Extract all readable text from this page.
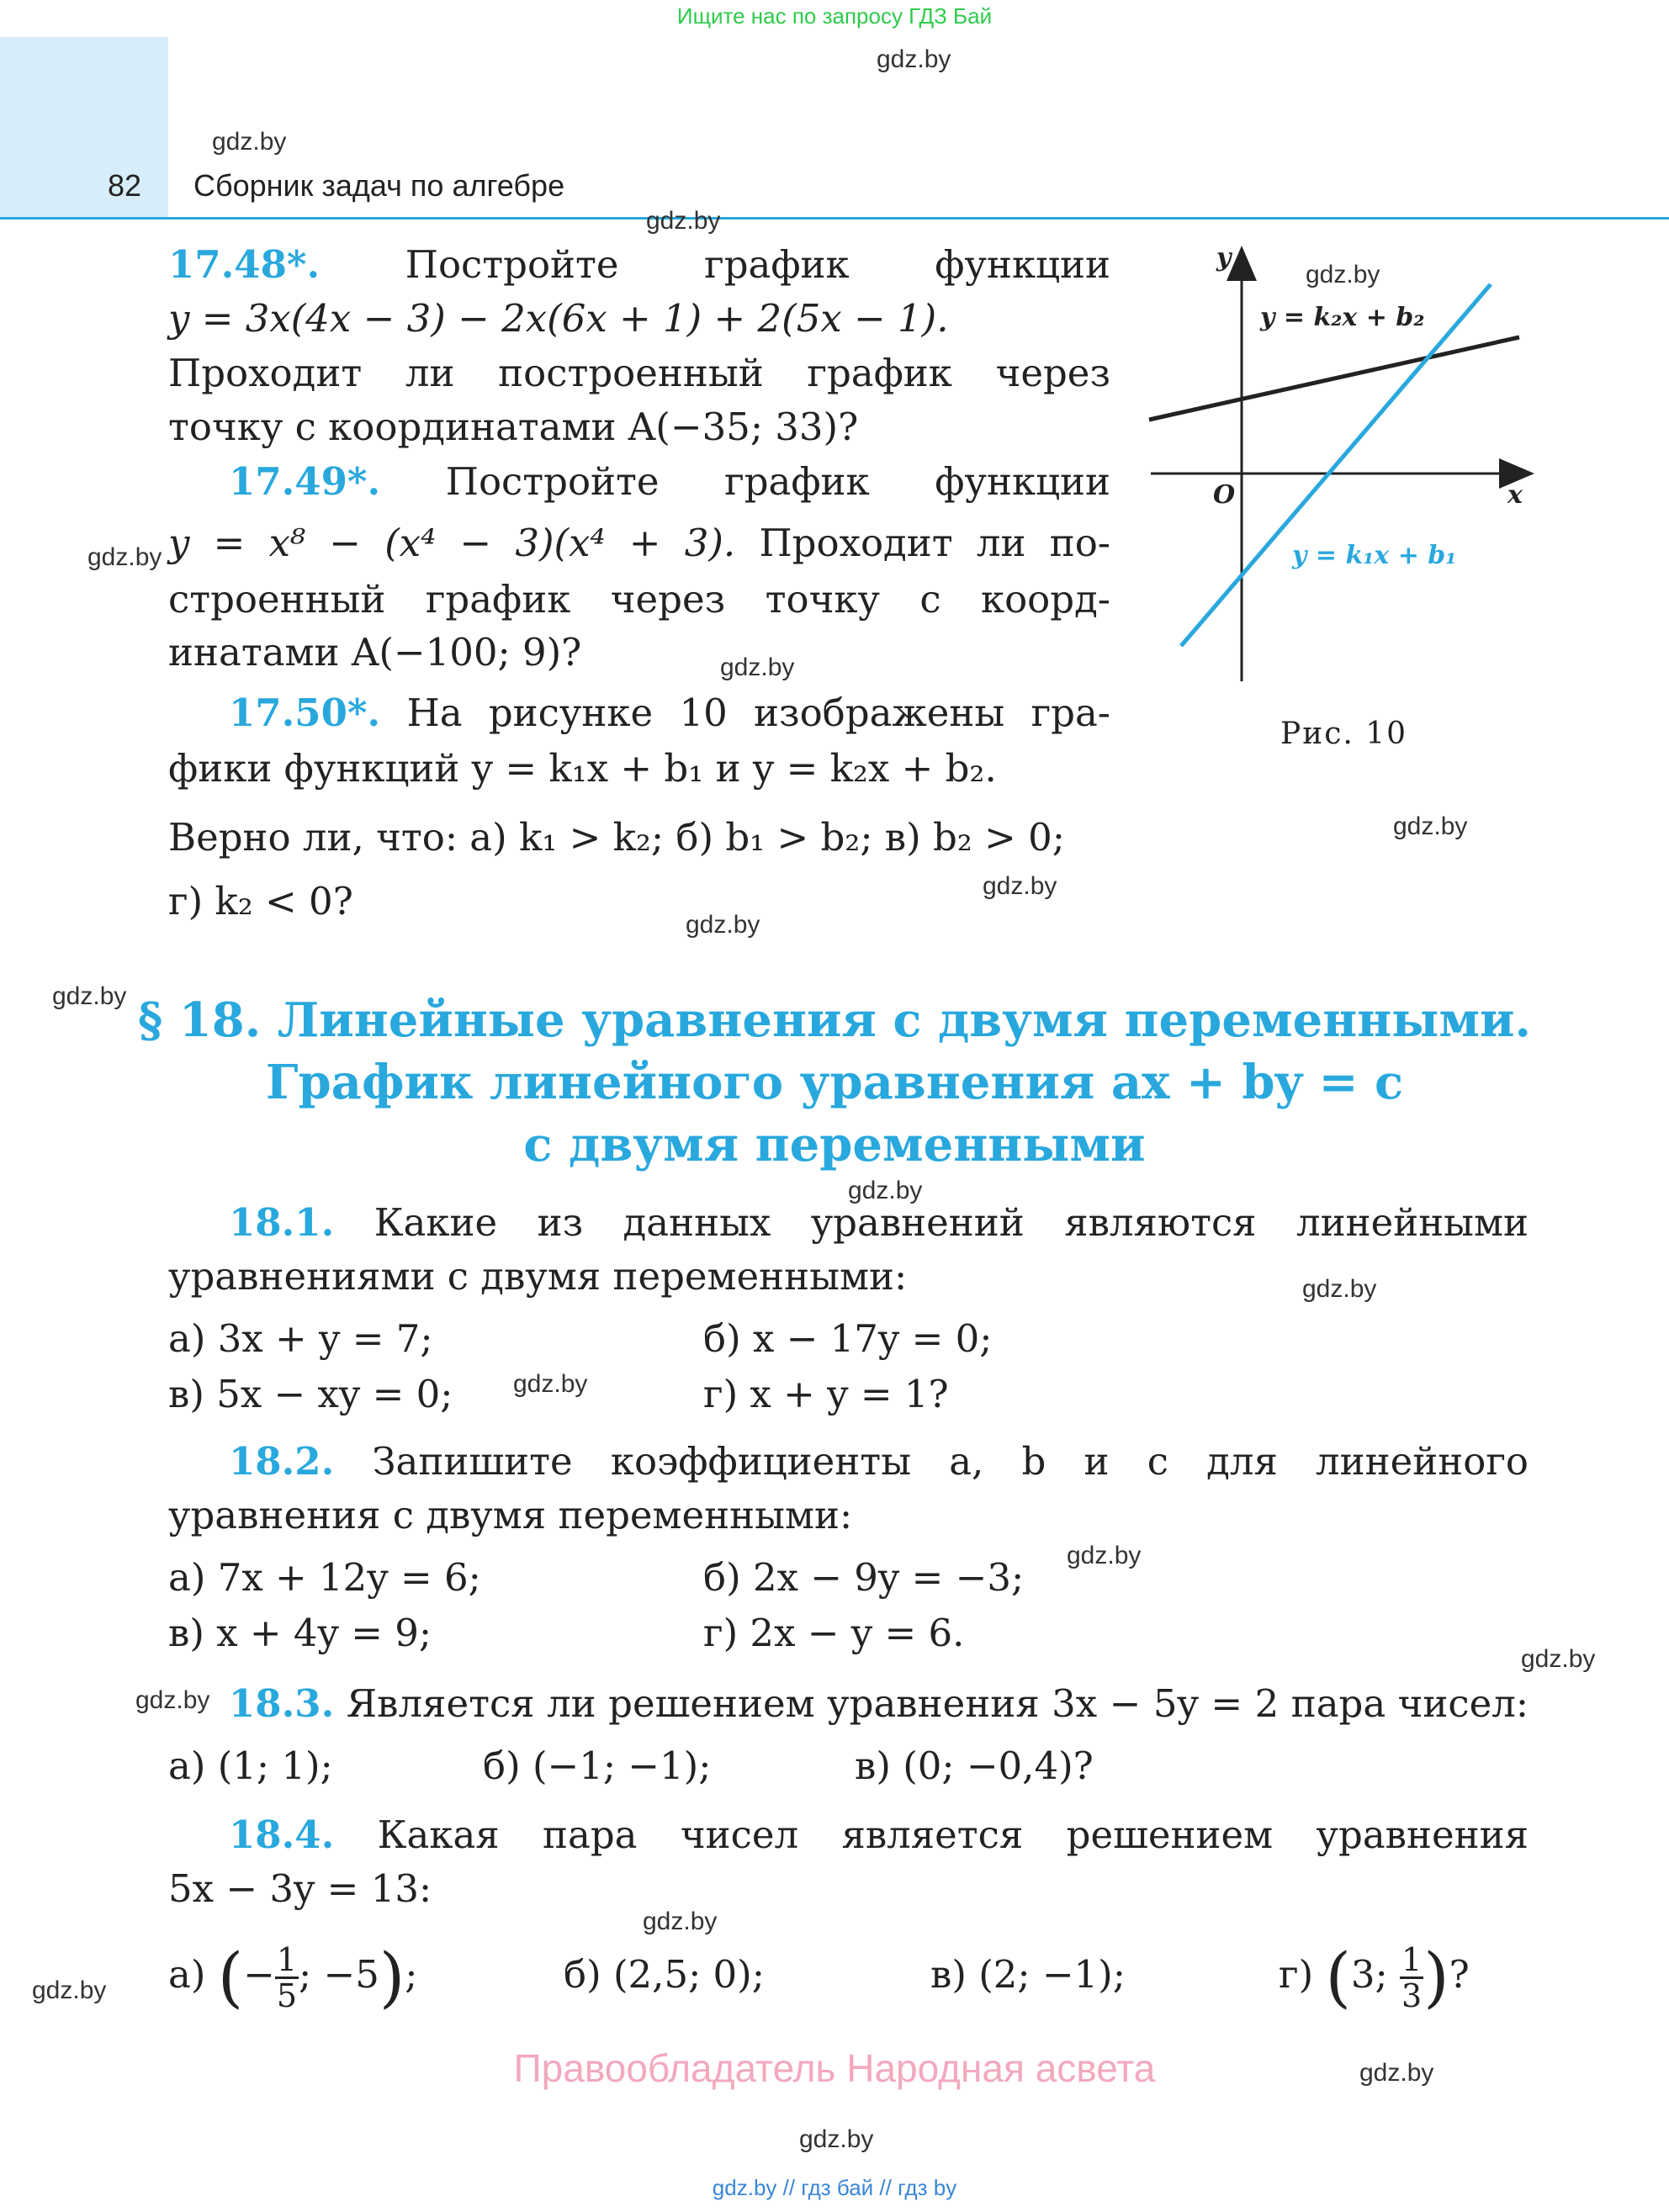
Ищите нас по запросу ГДЗ Бай
82 Сборник задач по алгебре
gdz.by
gdz.by
gdz.by
gdz.by
gdz.by
gdz.by
gdz.by
gdz.by
gdz.by
gdz.by
gdz.by
gdz.by
gdz.by
gdz.by
gdz.by
gdz.by
gdz.by
gdz.by
gdz.by
gdz.by
y
x
O
y = k₂x + b₂
y = k₁x + b₁
Рис. 10
17.48*. Постройте график функции
y = 3x(4x − 3) − 2x(6x + 1) + 2(5x − 1).
Проходит ли построенный график через
точку с координатами A(−35; 33)?
17.49*. Постройте график функции
y = x⁸ − (x⁴ − 3)(x⁴ + 3). Проходит ли по-
строенный график через точку с коорд-
инатами A(−100; 9)?
17.50*. На рисунке 10 изображены гра-
фики функций y = k₁x + b₁ и y = k₂x + b₂.
Верно ли, что: а) k₁ > k₂; б) b₁ > b₂; в) b₂ > 0;
г) k₂ < 0?
§ 18. Линейные уравнения с двумя переменными.
График линейного уравнения ax + by = c
с двумя переменными
18.1. Какие из данных уравнений являются линейными
уравнениями с двумя переменными:
а) 3x + y = 7;	б) x − 17y = 0;
в) 5x − xy = 0;	г) x + y = 1?
18.2. Запишите коэффициенты a, b и c для линейного
уравнения с двумя переменными:
а) 7x + 12y = 6;	б) 2x − 9y = −3;
в) x + 4y = 9;	г) 2x − y = 6.
18.3. Является ли решением уравнения 3x − 5y = 2 пара чисел:
а) (1; 1);	б) (−1; −1);	в) (0; −0,4)?
18.4. Какая пара чисел является решением уравнения
5x − 3y = 13:
а) (− $\frac{1}{5}$ ; −5);	б) (2,5; 0);	в) (2; −1);	г) (3; $\frac{1}{3}$ )?
Правообладатель Народная асвета
gdz.by // гдз бай // гдз by
